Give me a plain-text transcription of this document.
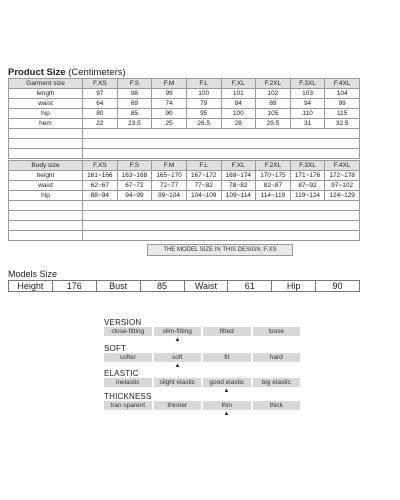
Product Size (Centimeters)
Garment size	F.XS	F.S	F.M	F.L	F.XL	F.2XL	F.3XL	F.4XL
length	97	98	99	100	101	102	103	104
waist	64	69	74	79	84	89	94	99
hip	80	85	90	95	100	105	110	115
hem	22	23.5	25	26.5	28	29.5	31	32.5

Body size	F.XS	F.S	F.M	F.L	F.XL	F.2XL	F.3XL	F.4XL
height	161~166	163~168	165~170	167~172	169~174	170~175	171~176	172~178
waist	62~67	67~72	72~77	77~82	78~82	82~87	87~92	97~102
hip	88~94	94~99	99~104	104~109	109~114	114~119	119~124	124~129

THE MODEL SIZE IN THIS DESIGN :F.XS
Models Size
Height	176	Bust	85	Waist	61	Hip	90
VERSION
close-fitting	slim-fitting	fitted	loose
▲
SOFT
softer	soft	fit	hard
▲
ELASTIC
inelastic	slight elastic	good elastic	big elastic
▲
THICKNESS
tran sparent	thinner	thin	thick
▲
